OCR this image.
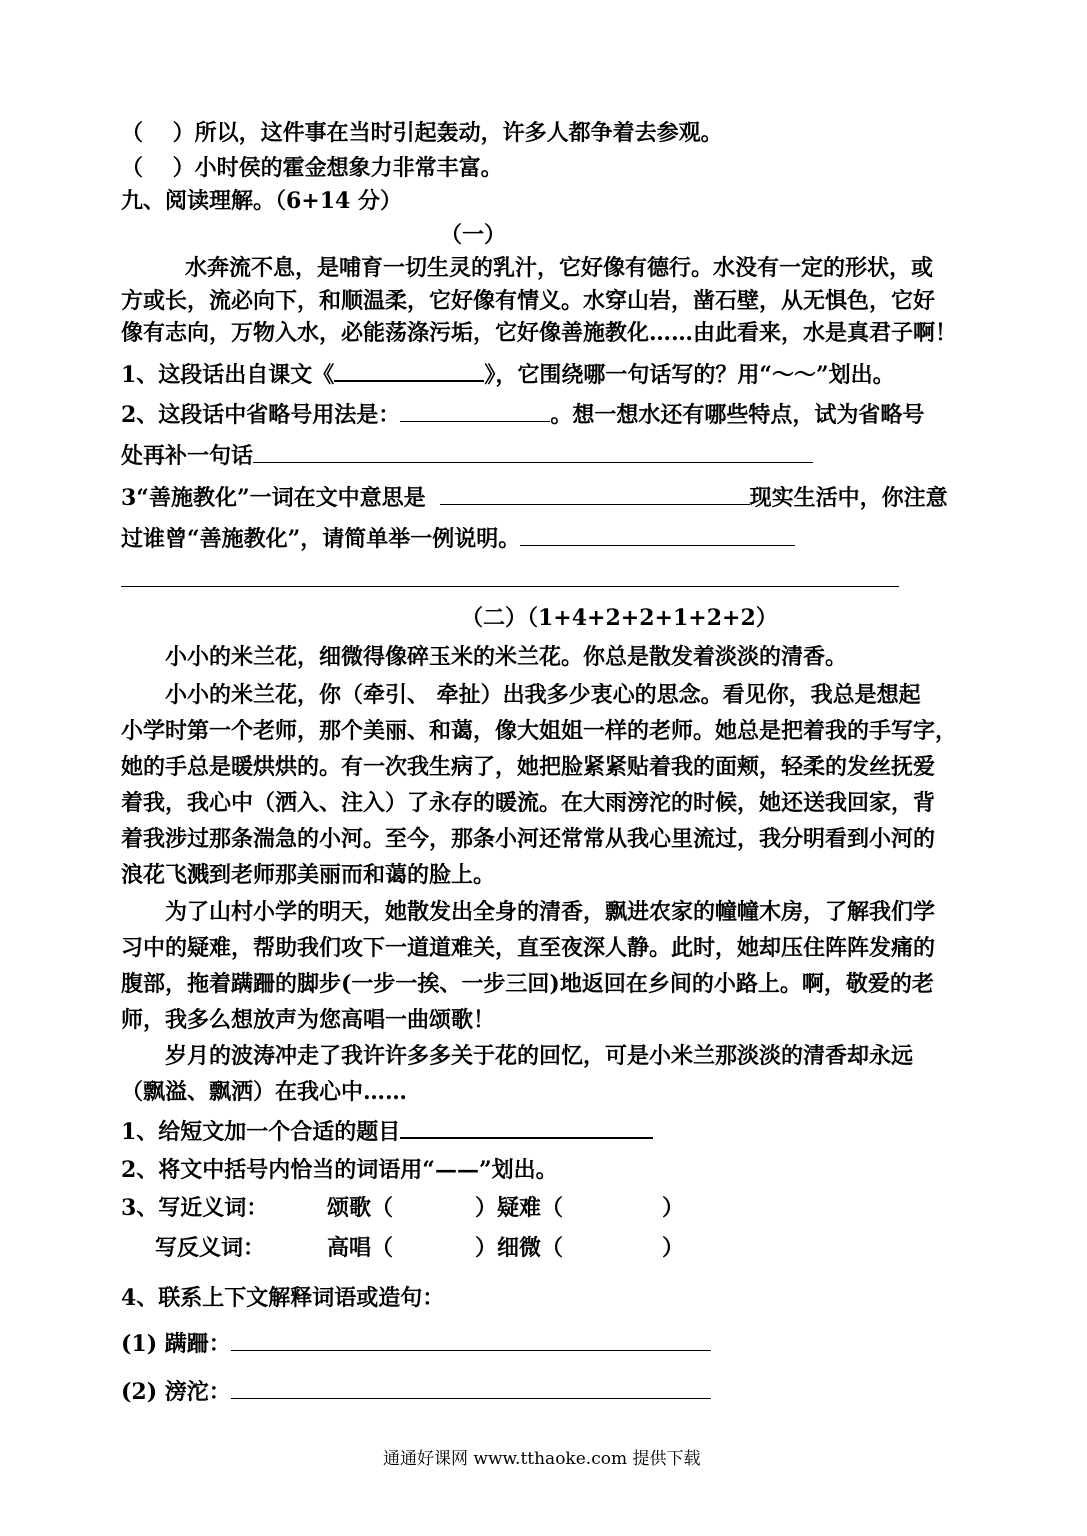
（　 ）所以，这件事在当时引起轰动，许多人都争着去参观。
（　 ）小时侯的霍金想象力非常丰富。
九、阅读理解。（6+14 分）
（一）
水奔流不息，是哺育一切生灵的乳汁，它好像有德行。水没有一定的形状，或
方或长，流必向下，和顺温柔，它好像有情义。水穿山岩，凿石壁，从无惧色，它好
像有志向，万物入水，必能荡涤污垢，它好像善施教化……由此看来，水是真君子啊！
1、这段话出自课文《	》，它围绕哪一句话写的？用“～～”划出。
2、这段话中省略号用法是：	。想一想水还有哪些特点，试为省略号
处再补一句话
3“善施教化”一词在文中意思是	现实生活中，你注意
过谁曾“善施教化”，请简单举一例说明。
（二）（1+4+2+2+1+2+2）
小小的米兰花，细微得像碎玉米的米兰花。你总是散发着淡淡的清香。
小小的米兰花，你（牵引、 牵扯）出我多少衷心的思念。看见你，我总是想起
小学时第一个老师，那个美丽、和蔼，像大姐姐一样的老师。她总是把着我的手写字，
她的手总是暖烘烘的。有一次我生病了，她把脸紧紧贴着我的面颊，轻柔的发丝抚爱
着我，我心中（洒入、注入）了永存的暖流。在大雨滂沱的时候，她还送我回家，背
着我涉过那条湍急的小河。至今，那条小河还常常从我心里流过，我分明看到小河的
浪花飞溅到老师那美丽而和蔼的脸上。
为了山村小学的明天，她散发出全身的清香，飘进农家的幢幢木房，了解我们学
习中的疑难，帮助我们攻下一道道难关，直至夜深人静。此时，她却压住阵阵发痛的
腹部，拖着蹒跚的脚步(一步一挨、一步三回)地返回在乡间的小路上。啊，敬爱的老
师，我多么想放声为您高唱一曲颂歌！
岁月的波涛冲走了我许许多多关于花的回忆，可是小米兰那淡淡的清香却永远
（飘溢、飘洒）在我心中……
1、给短文加一个合适的题目
2、将文中括号内恰当的词语用“——”划出。
3、写近义词：	颂歌（	）疑难（	）
写反义词：	高唱（	）细微（	）
4、联系上下文解释词语或造句：
(1) 蹒跚：
(2) 滂沱：
通通好课网 www.tthaoke.com 提供下载
